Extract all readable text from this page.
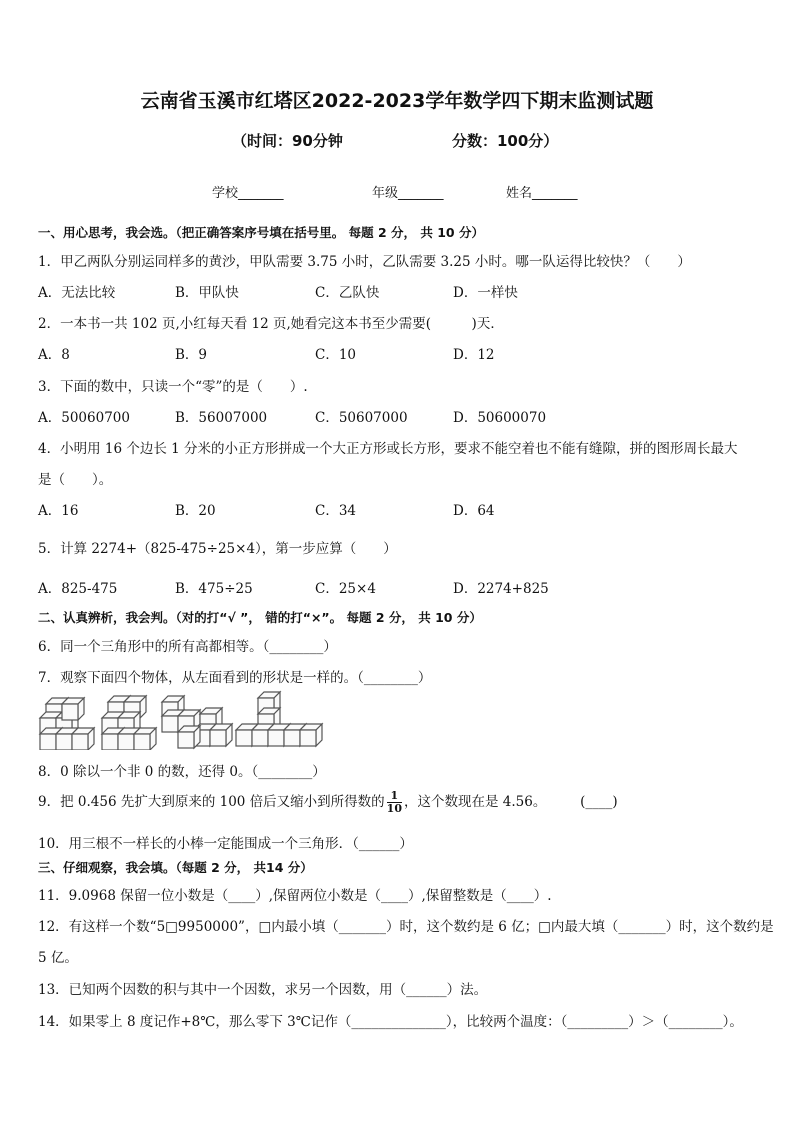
云南省玉溪市红塔区2022-2023学年数学四下期末监测试题
（时间：90分钟	分数：100分）
学校_______	年级_______	姓名_______
一、用心思考，我会选。（把正确答案序号填在括号里。 每题 2 分， 共 10 分）
1．甲乙两队分别运同样多的黄沙，甲队需要 3.75 小时，乙队需要 3.25 小时。哪一队运得比较快？（　　）
A．无法比较	B．甲队快	C．乙队快	D．一样快
2．一本书一共 102 页,小红每天看 12 页,她看完这本书至少需要(　　　)天．
A．8	B．9	C．10	D．12
3．下面的数中，只读一个“零”的是（　　）.
A．50060700	B．56007000	C．50607000	D．50600070
4．小明用 16 个边长 1 分米的小正方形拼成一个大正方形或长方形，要求不能空着也不能有缝隙，拼的图形周长最大
是（　　）。
A．16	B．20	C．34	D．64
5．计算 2274+（825-475÷25×4），第一步应算（　　）
A．825-475	B．475÷25	C．25×4	D．2274+825
二、认真辨析，我会判。（对的打“√ ”， 错的打“×”。 每题 2 分， 共 10 分）
6．同一个三角形中的所有高都相等。（________）
7．观察下面四个物体，从左面看到的形状是一样的。（________）
8．0 除以一个非 0 的数，还得 0。（________）
9．把 0.456 先扩大到原来的 100 倍后又缩小到所得数的 $\frac{1}{10}$ ，这个数现在是 4.56。　　　(____)
10．用三根不一样长的小棒一定能围成一个三角形．（______）
三、仔细观察，我会填。（每题 2 分， 共14 分）
11．9.0968 保留一位小数是（____）,保留两位小数是（____）,保留整数是（____）.
12．有这样一个数“5□9950000”，□内最小填（_______）时，这个数约是 6 亿；□内最大填（_______）时，这个数约是
5 亿。
13．已知两个因数的积与其中一个因数，求另一个因数，用（______）法。
14．如果零上 8 度记作+8℃，那么零下 3℃记作（______________），比较两个温度：（_________）＞（________）。
